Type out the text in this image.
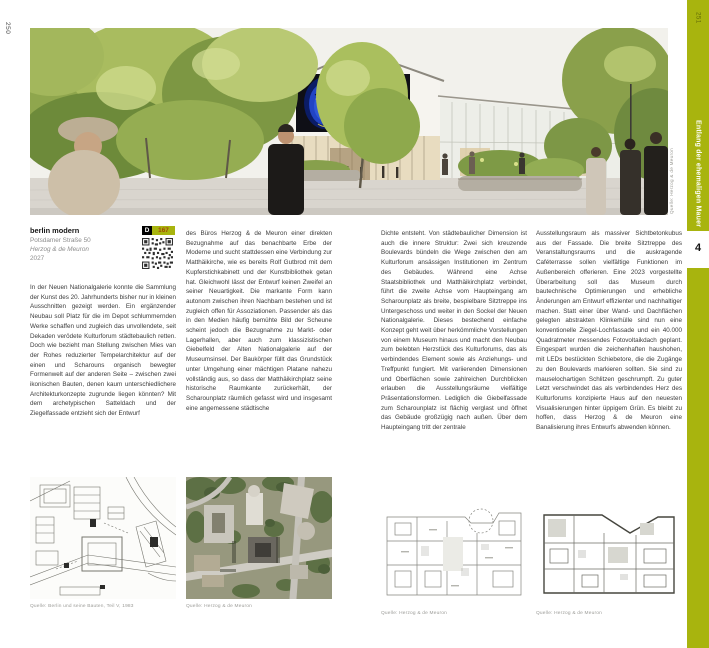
250
Quelle: Herzog & de Meuron
251
Entlang der ehemaligen Mauer
4
berlin modern
Potsdamer Straße 50
Herzog & de Meuron
2027
D	167
In der Neuen Nationalgalerie konnte die Sammlung der Kunst des 20. Jahrhunderts bisher nur in kleinen Ausschnitten gezeigt werden. Ein ergänzender Neubau soll Platz für die im Depot schlummernden Werke schaffen und zugleich das unvollendete, seit Dekaden verödete Kulturforum städtebaulich retten. Doch wie bezieht man Stellung zwischen Mies van der Rohes reduzierter Tempelarchitektur auf der einen und Scharouns organisch bewegter Formenwelt auf der anderen Seite – zwischen zwei ikonischen Bauten, denen kaum unterschiedlichere Architekturkonzepte zugrunde liegen könnten? Mit dem archetypischen Satteldach und der Ziegelfassade entzieht sich der Entwurf
des Büros Herzog & de Meuron einer direkten Bezugnahme auf das benachbarte Erbe der Moderne und sucht stattdessen eine Verbindung zur Matthäikirche, wie es bereits Rolf Gutbrod mit dem Kupferstichkabinett und der Kunstbibliothek getan hat. Gleichwohl lässt der Entwurf keinen Zweifel an seiner Neuartigkeit. Die markante Form kann autonom zwischen ihren Nachbarn bestehen und ist zugleich offen für Assoziationen. Passender als das in den Medien häufig bemühte Bild der Scheune scheint jedoch die Bezugnahme zu Markt- oder Lagerhallen, aber auch zum klassizistischen Giebelfeld der Alten Nationalgalerie auf der Museumsinsel. Der Baukörper füllt das Grundstück unter Umgehung einer mächtigen Platane nahezu vollständig aus, so dass der Matthäikirchplatz seine historische Raumkante zurückerhält, der Scharounplatz räumlich gefasst wird und insgesamt eine angemessene städtische
Dichte entsteht. Von städtebaulicher Dimension ist auch die innere Struktur: Zwei sich kreuzende Boulevards bündeln die Wege zwischen den am Kulturforum ansässigen Institutionen im Zentrum des Gebäudes. Während eine Achse Staatsbibliothek und Matthäikirchplatz verbindet, führt die zweite Achse vom Haupteingang am Scharounplatz als breite, bespielbare Sitztreppe ins Untergeschoss und weiter in den Sockel der Neuen Nationalgalerie. Dieses bestechend einfache Konzept geht weit über herkömmliche Vorstellungen von einem Museum hinaus und macht den Neubau zum belebten Herzstück des Kulturforums, das als verbindendes Element sowie als Anziehungs- und Treffpunkt fungiert. Mit variierenden Dimensionen und Oberflächen sowie zahlreichen Durchblicken erlauben die Ausstellungsräume vielfältige Präsentationsformen. Lediglich die Giebelfassade zum Scharounplatz ist flächig verglast und öffnet das Gebäude großzügig nach außen. Über dem Haupteingang tritt der zentrale
Ausstellungsraum als massiver Sichtbetonkubus aus der Fassade. Die breite Sitztreppe des Veranstaltungsraums und die auskragende Caféterrasse sollen vielfältige Funktionen im Außenbereich offerieren. Eine 2023 vorgestellte Überarbeitung soll das Museum durch bautechnische Optimierungen und erhebliche Änderungen am Entwurf effizienter und nachhaltiger machen. Statt einer über Wand- und Dachflächen gelegten abstrakten Klinkerhülle sind nun eine konventionelle Ziegel-Lochfassade und ein 40.000 Quadratmeter messendes Fotovoltaikdach geplant. Eingespart wurden die zeichenhaften haushohen, mit LEDs bestückten Schiebetore, die die Zugänge zu den Boulevards markieren sollten. Sie sind zu mauselochartigen Schlitzen geschrumpft. Zu guter Letzt verschwindet das als verbindendes Herz des Kulturforums konzipierte Haus auf den neuesten Visualisierungen hinter üppigem Grün. Es bleibt zu hoffen, dass Herzog & de Meuron eine Banalisierung ihres Entwurfs abwenden können.
Quelle: Berlin und seine Bauten, Teil V, 1983	Quelle: Herzog & de Meuron
Quelle: Herzog & de Meuron	Quelle: Herzog & de Meuron
